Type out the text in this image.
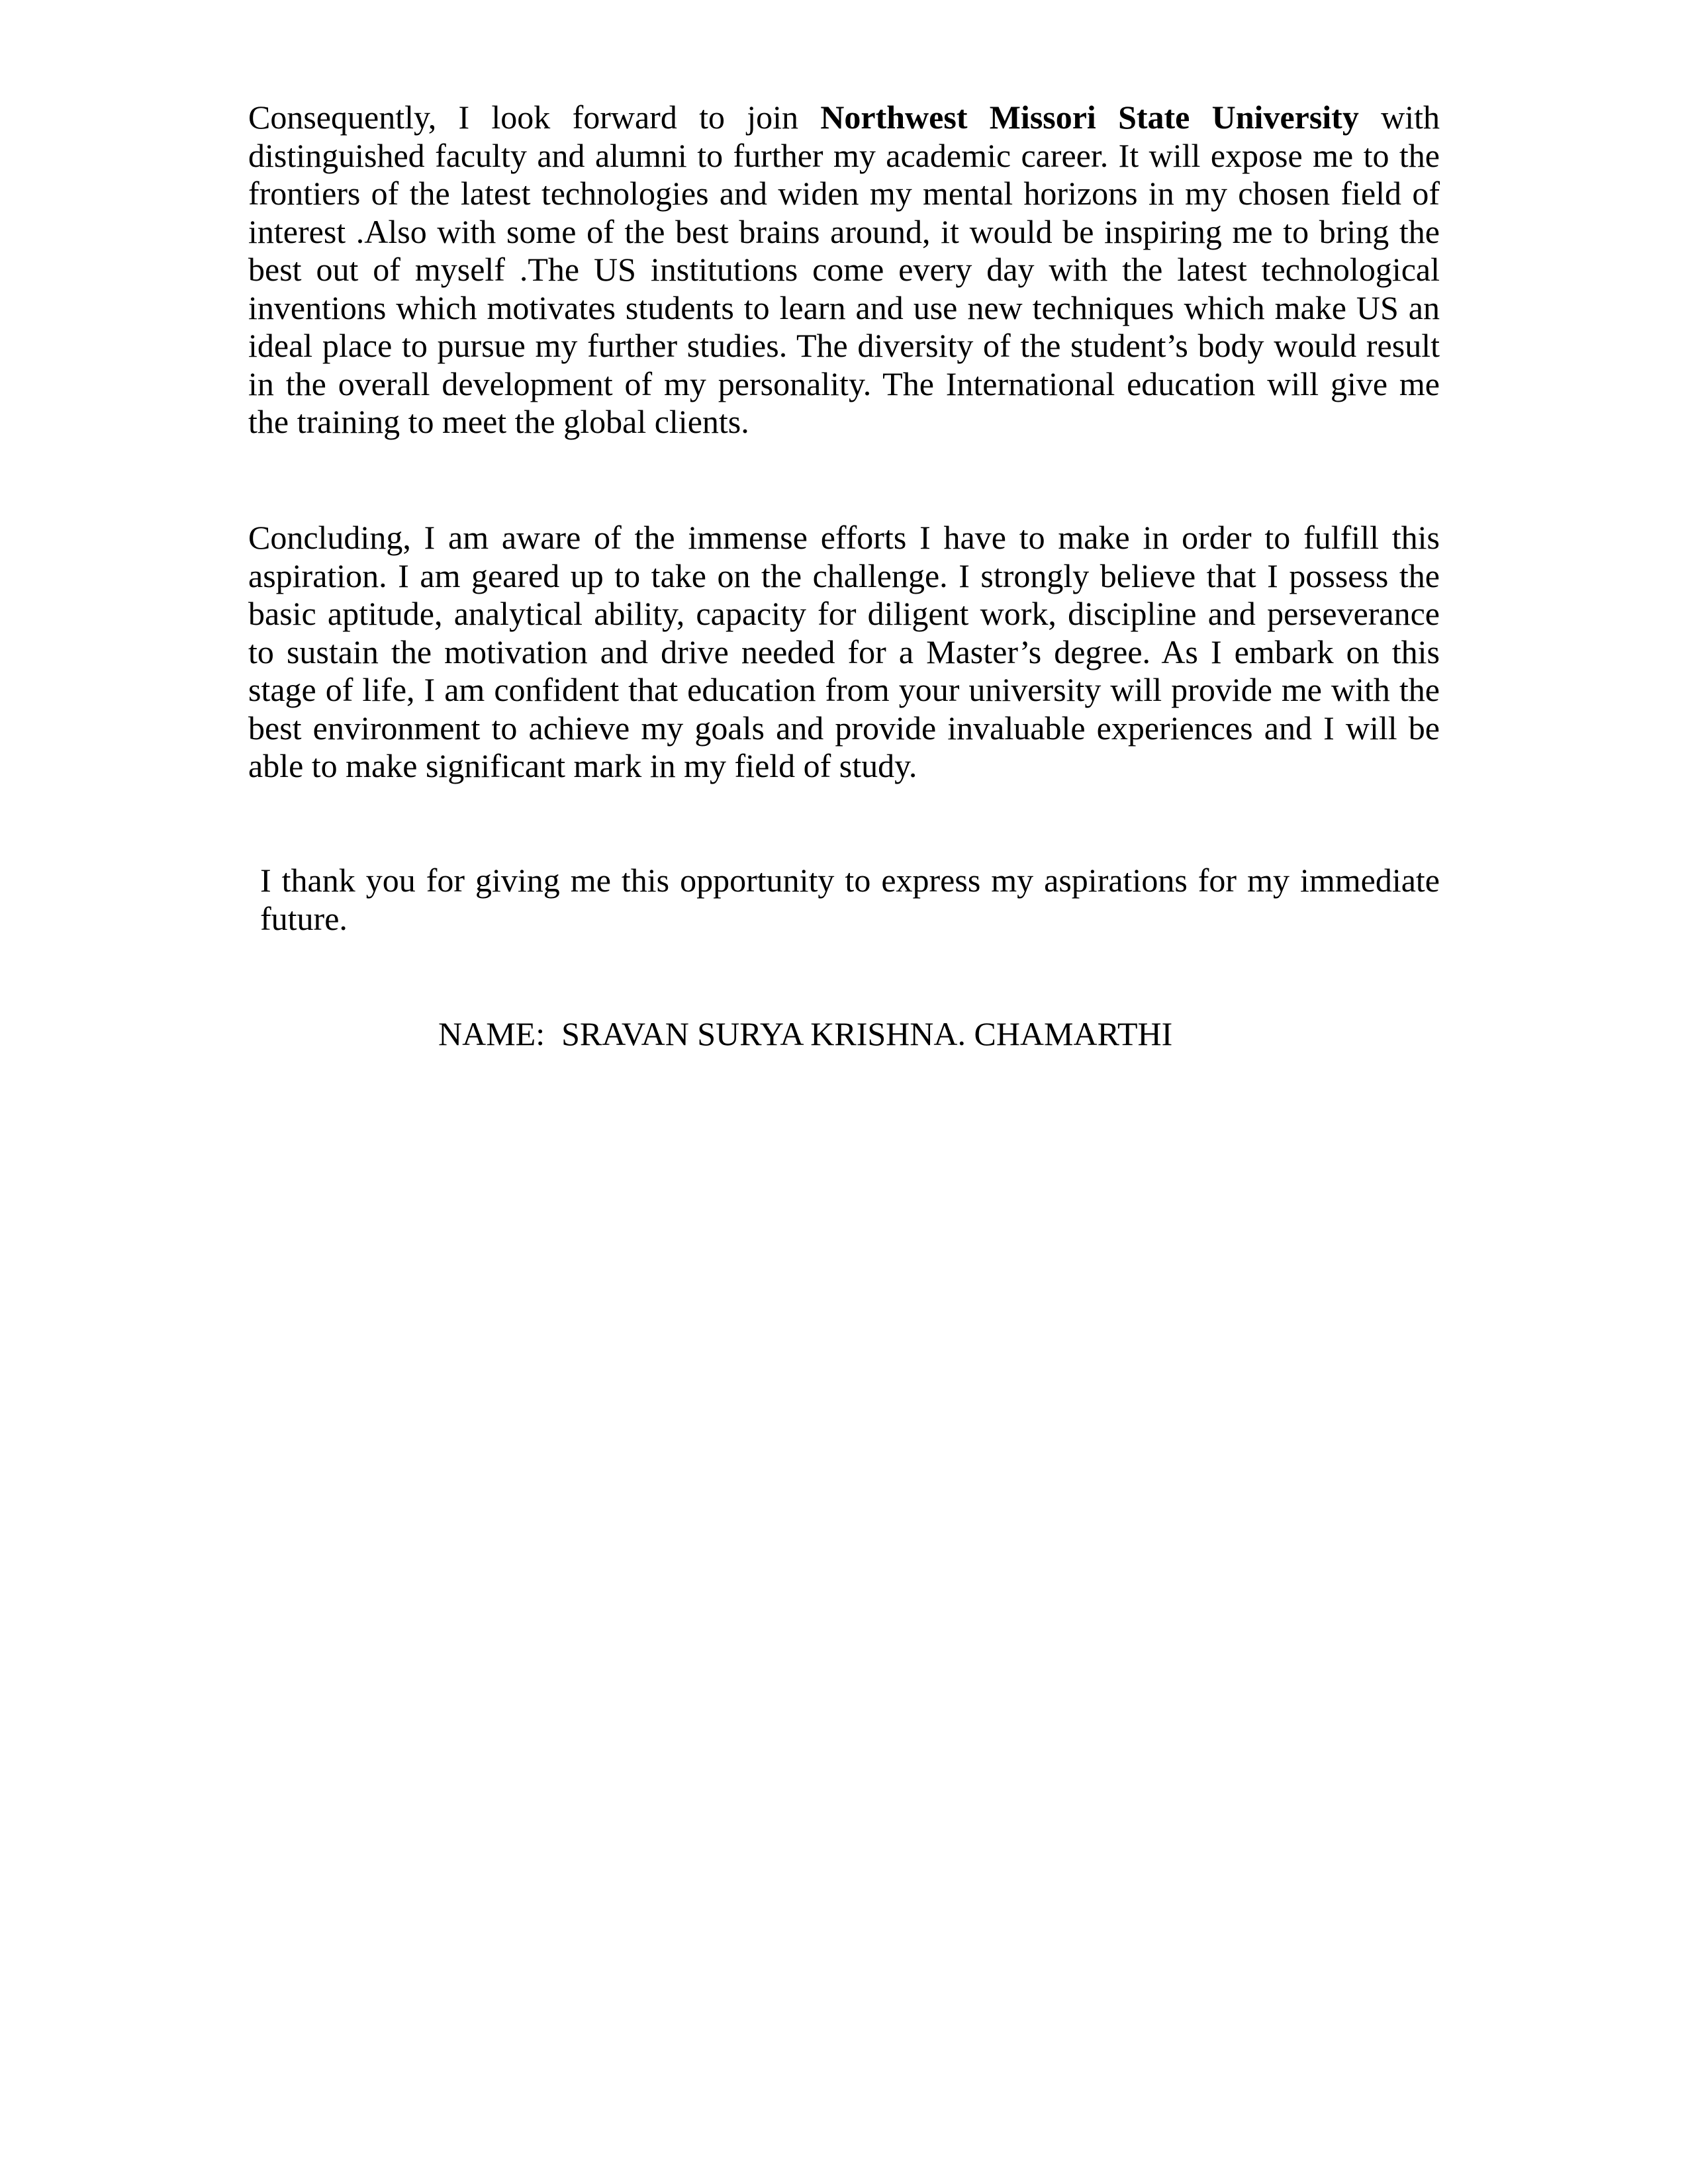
Consequently, I look forward to join Northwest Missori State University with distinguished faculty and alumni to further my academic career. It will expose me to the frontiers of the latest technologies and widen my mental horizons in my chosen field of interest .Also with some of the best brains around, it would be inspiring me to bring the best out of myself .The US institutions come every day with the latest technological inventions which motivates students to learn and use new techniques which make US an ideal place to pursue my further studies. The diversity of the student’s body would result in the overall development of my personality. The International education will give me the training to meet the global clients.

Concluding, I am aware of the immense efforts I have to make in order to fulfill this aspiration. I am geared up to take on the challenge. I strongly believe that I possess the basic aptitude, analytical ability, capacity for diligent work, discipline and perseverance to sustain the motivation and drive needed for a Master’s degree. As I embark on this stage of life, I am confident that education from your university will provide me with the best environment to achieve my goals and provide invaluable experiences and I will be able to make significant mark in my field of study.

I thank you for giving me this opportunity to express my aspirations for my immediate future.

NAME: SRAVAN SURYA KRISHNA. CHAMARTHI
